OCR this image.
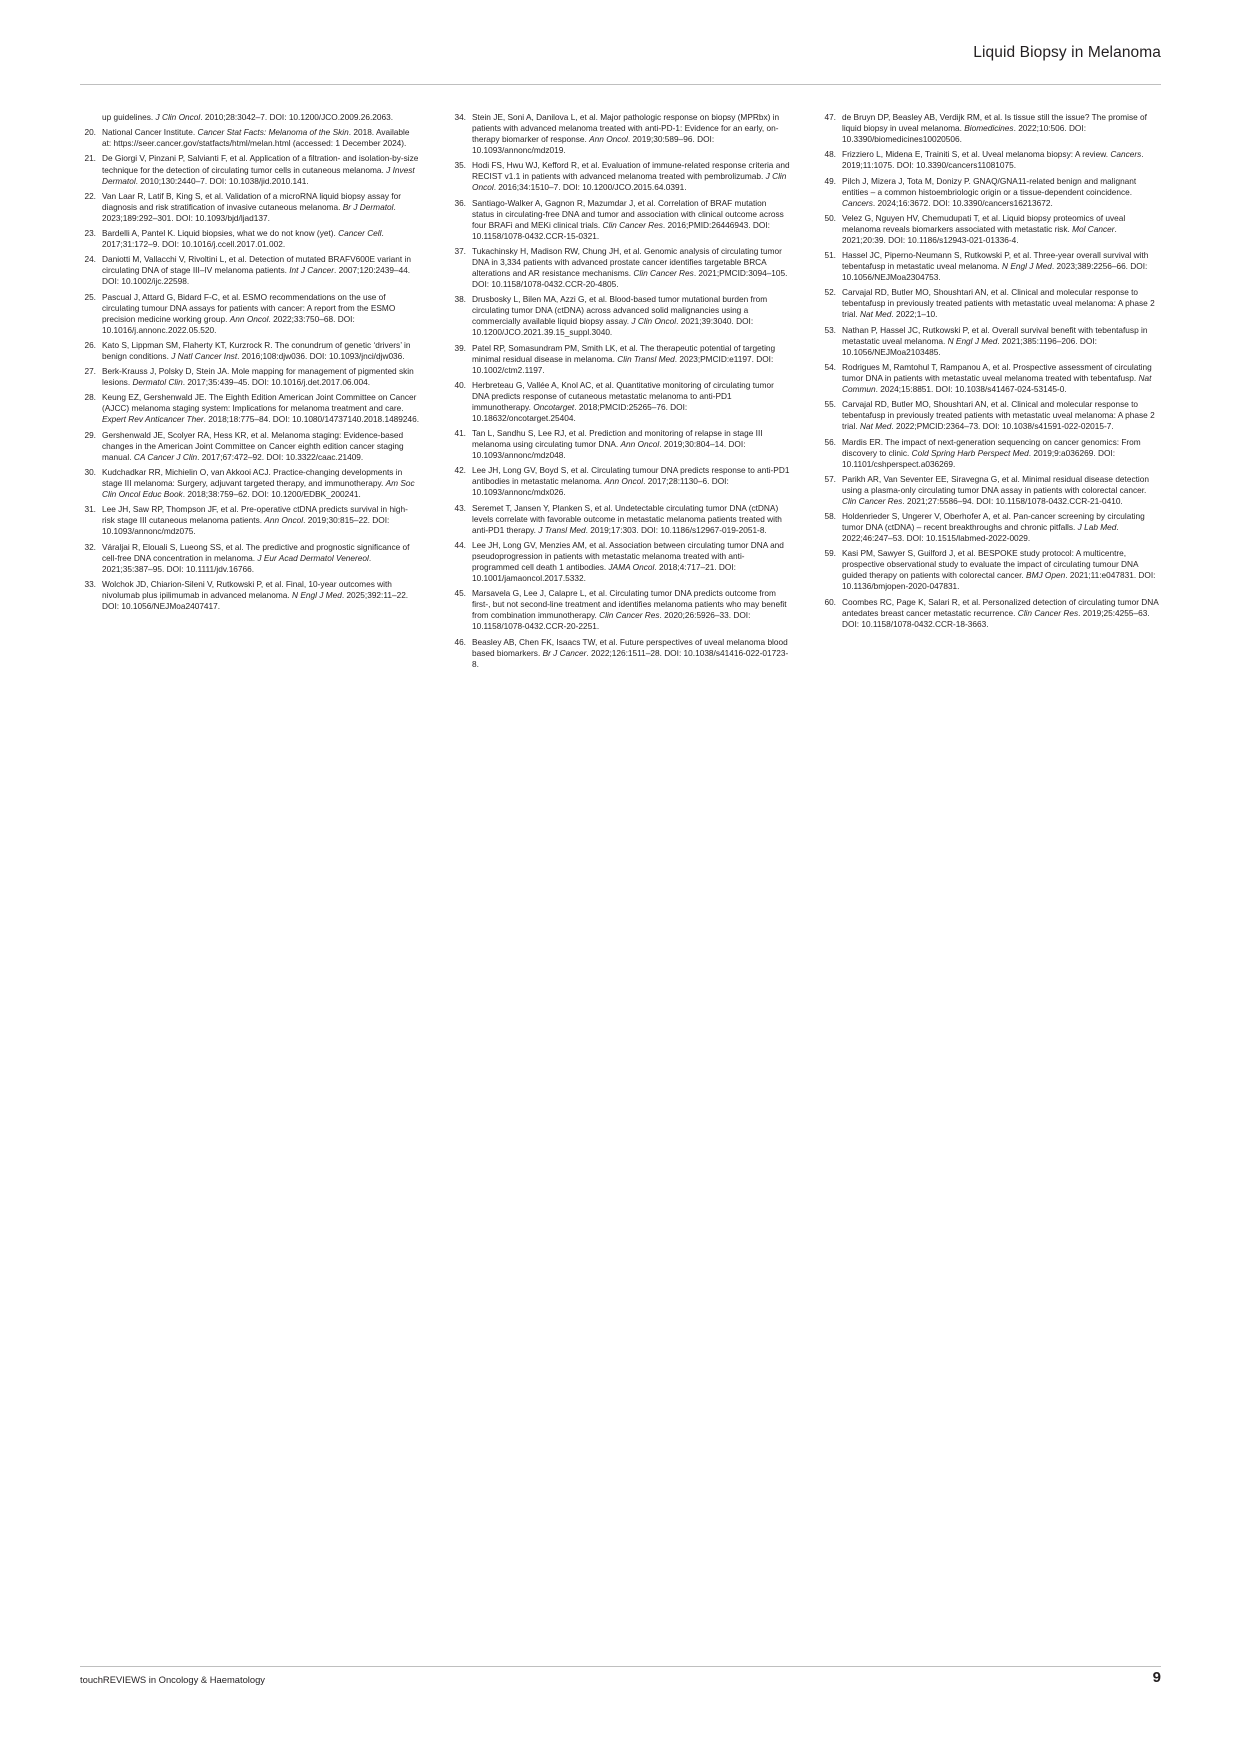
Liquid Biopsy in Melanoma
up guidelines. J Clin Oncol. 2010;28:3042–7. DOI: 10.1200/JCO.2009.26.2063.
20. National Cancer Institute. Cancer Stat Facts: Melanoma of the Skin. 2018. Available at: https://seer.cancer.gov/statfacts/html/melan.html (accessed: 1 December 2024).
21. De Giorgi V, Pinzani P, Salvianti F, et al. Application of a filtration- and isolation-by-size technique for the detection of circulating tumor cells in cutaneous melanoma. J Invest Dermatol. 2010;130:2440–7. DOI: 10.1038/jid.2010.141.
22. Van Laar R, Latif B, King S, et al. Validation of a microRNA liquid biopsy assay for diagnosis and risk stratification of invasive cutaneous melanoma. Br J Dermatol. 2023;189:292–301. DOI: 10.1093/bjd/ljad137.
23. Bardelli A, Pantel K. Liquid biopsies, what we do not know (yet). Cancer Cell. 2017;31:172–9. DOI: 10.1016/j.ccell.2017.01.002.
24. Daniotti M, Vallacchi V, Rivoltini L, et al. Detection of mutated BRAFV600E variant in circulating DNA of stage III–IV melanoma patients. Int J Cancer. 2007;120:2439–44. DOI: 10.1002/ijc.22598.
25. Pascual J, Attard G, Bidard F-C, et al. ESMO recommendations on the use of circulating tumour DNA assays for patients with cancer: A report from the ESMO precision medicine working group. Ann Oncol. 2022;33:750–68. DOI: 10.1016/j.annonc.2022.05.520.
26. Kato S, Lippman SM, Flaherty KT, Kurzrock R. The conundrum of genetic ‘drivers’ in benign conditions. J Natl Cancer Inst. 2016;108:djw036. DOI: 10.1093/jnci/djw036.
27. Berk-Krauss J, Polsky D, Stein JA. Mole mapping for management of pigmented skin lesions. Dermatol Clin. 2017;35:439–45. DOI: 10.1016/j.det.2017.06.004.
28. Keung EZ, Gershenwald JE. The Eighth Edition American Joint Committee on Cancer (AJCC) melanoma staging system: Implications for melanoma treatment and care. Expert Rev Anticancer Ther. 2018;18:775–84. DOI: 10.1080/14737140.2018.1489246.
29. Gershenwald JE, Scolyer RA, Hess KR, et al. Melanoma staging: Evidence-based changes in the American Joint Committee on Cancer eighth edition cancer staging manual. CA Cancer J Clin. 2017;67:472–92. DOI: 10.3322/caac.21409.
30. Kudchadkar RR, Michielin O, van Akkooi ACJ. Practice-changing developments in stage III melanoma: Surgery, adjuvant targeted therapy, and immunotherapy. Am Soc Clin Oncol Educ Book. 2018;38:759–62. DOI: 10.1200/EDBK_200241.
31. Lee JH, Saw RP, Thompson JF, et al. Pre-operative ctDNA predicts survival in high-risk stage III cutaneous melanoma patients. Ann Oncol. 2019;30:815–22. DOI: 10.1093/annonc/mdz075.
32. Váraljai R, Elouali S, Lueong SS, et al. The predictive and prognostic significance of cell-free DNA concentration in melanoma. J Eur Acad Dermatol Venereol. 2021;35:387–95. DOI: 10.1111/jdv.16766.
33. Wolchok JD, Chiarion-Sileni V, Rutkowski P, et al. Final, 10-year outcomes with nivolumab plus ipilimumab in advanced melanoma. N Engl J Med. 2025;392:11–22. DOI: 10.1056/NEJMoa2407417.
34. Stein JE, Soni A, Danilova L, et al. Major pathologic response on biopsy (MPRbx) in patients with advanced melanoma treated with anti-PD-1: Evidence for an early, on-therapy biomarker of response. Ann Oncol. 2019;30:589–96. DOI: 10.1093/annonc/mdz019.
35. Hodi FS, Hwu WJ, Kefford R, et al. Evaluation of immune-related response criteria and RECIST v1.1 in patients with advanced melanoma treated with pembrolizumab. J Clin Oncol. 2016;34:1510–7. DOI: 10.1200/JCO.2015.64.0391.
36. Santiago-Walker A, Gagnon R, Mazumdar J, et al. Correlation of BRAF mutation status in circulating-free DNA and tumor and association with clinical outcome across four BRAFi and MEKi clinical trials. Clin Cancer Res. 2016;PMID:26446943. DOI: 10.1158/1078-0432.CCR-15-0321.
37. Tukachinsky H, Madison RW, Chung JH, et al. Genomic analysis of circulating tumor DNA in 3,334 patients with advanced prostate cancer identifies targetable BRCA alterations and AR resistance mechanisms. Clin Cancer Res. 2021;PMCID:3094–105. DOI: 10.1158/1078-0432.CCR-20-4805.
38. Drusbosky L, Bilen MA, Azzi G, et al. Blood-based tumor mutational burden from circulating tumor DNA (ctDNA) across advanced solid malignancies using a commercially available liquid biopsy assay. J Clin Oncol. 2021;39:3040. DOI: 10.1200/JCO.2021.39.15_suppl.3040.
39. Patel RP, Somasundram PM, Smith LK, et al. The therapeutic potential of targeting minimal residual disease in melanoma. Clin Transl Med. 2023;PMCID:e1197. DOI: 10.1002/ctm2.1197.
40. Herbreteau G, Vallée A, Knol AC, et al. Quantitative monitoring of circulating tumor DNA predicts response of cutaneous metastatic melanoma to anti-PD1 immunotherapy. Oncotarget. 2018;PMCID:25265–76. DOI: 10.18632/oncotarget.25404.
41. Tan L, Sandhu S, Lee RJ, et al. Prediction and monitoring of relapse in stage III melanoma using circulating tumor DNA. Ann Oncol. 2019;30:804–14. DOI: 10.1093/annonc/mdz048.
42. Lee JH, Long GV, Boyd S, et al. Circulating tumour DNA predicts response to anti-PD1 antibodies in metastatic melanoma. Ann Oncol. 2017;28:1130–6. DOI: 10.1093/annonc/mdx026.
43. Seremet T, Jansen Y, Planken S, et al. Undetectable circulating tumor DNA (ctDNA) levels correlate with favorable outcome in metastatic melanoma patients treated with anti-PD1 therapy. J Transl Med. 2019;17:303. DOI: 10.1186/s12967-019-2051-8.
44. Lee JH, Long GV, Menzies AM, et al. Association between circulating tumor DNA and pseudoprogression in patients with metastatic melanoma treated with anti-programmed cell death 1 antibodies. JAMA Oncol. 2018;4:717–21. DOI: 10.1001/jamaoncol.2017.5332.
45. Marsavela G, Lee J, Calapre L, et al. Circulating tumor DNA predicts outcome from first-, but not second-line treatment and identifies melanoma patients who may benefit from combination immunotherapy. Clin Cancer Res. 2020;26:5926–33. DOI: 10.1158/1078-0432.CCR-20-2251.
46. Beasley AB, Chen FK, Isaacs TW, et al. Future perspectives of uveal melanoma blood based biomarkers. Br J Cancer. 2022;126:1511–28. DOI: 10.1038/s41416-022-01723-8.
47. de Bruyn DP, Beasley AB, Verdijk RM, et al. Is tissue still the issue? The promise of liquid biopsy in uveal melanoma. Biomedicines. 2022;10:506. DOI: 10.3390/biomedicines10020506.
48. Frizziero L, Midena E, Trainiti S, et al. Uveal melanoma biopsy: A review. Cancers. 2019;11:1075. DOI: 10.3390/cancers11081075.
49. Pilch J, Mizera J, Tota M, Donizy P. GNAQ/GNA11-related benign and malignant entities – a common histoembriologic origin or a tissue-dependent coincidence. Cancers. 2024;16:3672. DOI: 10.3390/cancers16213672.
50. Velez G, Nguyen HV, Chemudupati T, et al. Liquid biopsy proteomics of uveal melanoma reveals biomarkers associated with metastatic risk. Mol Cancer. 2021;20:39. DOI: 10.1186/s12943-021-01336-4.
51. Hassel JC, Piperno-Neumann S, Rutkowski P, et al. Three-year overall survival with tebentafusp in metastatic uveal melanoma. N Engl J Med. 2023;389:2256–66. DOI: 10.1056/NEJMoa2304753.
52. Carvajal RD, Butler MO, Shoushtari AN, et al. Clinical and molecular response to tebentafusp in previously treated patients with metastatic uveal melanoma: A phase 2 trial. Nat Med. 2022;1–10.
53. Nathan P, Hassel JC, Rutkowski P, et al. Overall survival benefit with tebentafusp in metastatic uveal melanoma. N Engl J Med. 2021;385:1196–206. DOI: 10.1056/NEJMoa2103485.
54. Rodrigues M, Ramtohul T, Rampanou A, et al. Prospective assessment of circulating tumor DNA in patients with metastatic uveal melanoma treated with tebentafusp. Nat Commun. 2024;15:8851. DOI: 10.1038/s41467-024-53145-0.
55. Carvajal RD, Butler MO, Shoushtari AN, et al. Clinical and molecular response to tebentafusp in previously treated patients with metastatic uveal melanoma: A phase 2 trial. Nat Med. 2022;PMCID:2364–73. DOI: 10.1038/s41591-022-02015-7.
56. Mardis ER. The impact of next-generation sequencing on cancer genomics: From discovery to clinic. Cold Spring Harb Perspect Med. 2019;9:a036269. DOI: 10.1101/cshperspect.a036269.
57. Parikh AR, Van Seventer EE, Siravegna G, et al. Minimal residual disease detection using a plasma-only circulating tumor DNA assay in patients with colorectal cancer. Clin Cancer Res. 2021;27:5586–94. DOI: 10.1158/1078-0432.CCR-21-0410.
58. Holdenrieder S, Ungerer V, Oberhofer A, et al. Pan-cancer screening by circulating tumor DNA (ctDNA) – recent breakthroughs and chronic pitfalls. J Lab Med. 2022;46:247–53. DOI: 10.1515/labmed-2022-0029.
59. Kasi PM, Sawyer S, Guilford J, et al. BESPOKE study protocol: A multicentre, prospective observational study to evaluate the impact of circulating tumour DNA guided therapy on patients with colorectal cancer. BMJ Open. 2021;11:e047831. DOI: 10.1136/bmjopen-2020-047831.
60. Coombes RC, Page K, Salari R, et al. Personalized detection of circulating tumor DNA antedates breast cancer metastatic recurrence. Clin Cancer Res. 2019;25:4255–63. DOI: 10.1158/1078-0432.CCR-18-3663.
touchREVIEWS in Oncology & Haematology	9
